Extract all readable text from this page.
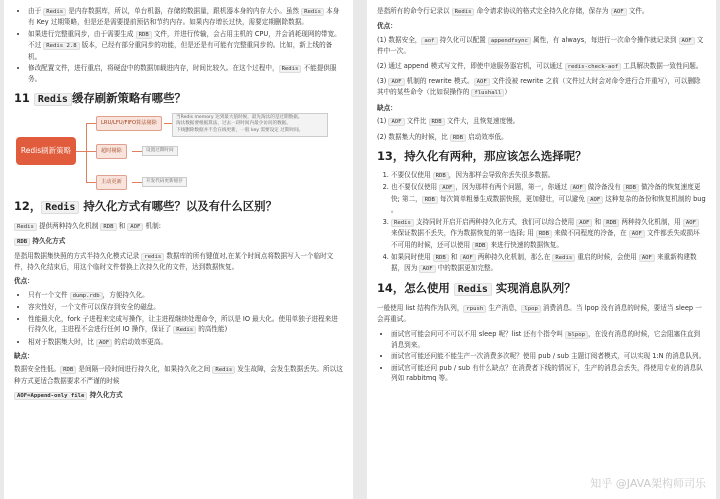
• 由于 Redis 是内存数据库，所以，单台机器，存储的数据量，跟机器本身的内存大小。虽然 Redis 本身有 Key 过期策略，但是还是需要提前预估和节约内存。如果内存增长过快，需要定期删除数据。
• 如果进行完整重同步，由于需要生成 RDB 文件，并进行传输，会占用主机的 CPU，并会消耗现网的带宽。不过 Redis 2.8 版本，已经有部分重同步的功能，但是还是有可能有完整重同步的。比如，新上线的备机。
• 修改配置文件，进行重启，将硬盘中的数据加载进内存，时间比较久。在这个过程中， Redis 不能提供服务。
11 Redis 缓存刷新策略有哪些？
Redis刷新策略
LRU/LFU/FIFO算法剔除
超时剔除
主动更新
当Redis memory 达到最大值时候，最先淘汰的是过期数据。
淘汰数据要根据算法，过去一段时间内最少访问的数据。
下线删除数据并不会在线更新，一般 key 需要设定 过期时间。
设置过期时间
开发代码更新缓存
12， Redis 持久化方式有哪些？以及有什么区别？

Redis 提供两种持久化机制 RDB 和 AOF 机制:

RDB 持久化方式

是指用数据集快照的方式半持久化模式记录 redis 数据库的所有键值对,在某个时间点将数据写入一个临时文件，持久化结束后，用这个临时文件替换上次持久化的文件，达到数据恢复。

优点：

• 只有一个文件 dump.rdb ，方便持久化。
• 容灾性好，一个文件可以保存到安全的磁盘。
• 性能最大化，fork 子进程来完成写操作，让主进程继续处理命令，所以是 IO 最大化。使用单独子进程来进行持久化，主进程不会进行任何 IO 操作，保证了 Redis 的高性能)
• 相对于数据集大时，比 AOF 的启动效率更高。

缺点：

数据安全性低。 RDB 是间隔一段时间进行持久化，如果持久化之间 Redis 发生故障，会发生数据丢失。所以这种方式更适合数据要求不严谨的时候

AOF=Append-only file 持久化方式

是指所有的命令行记录以 Redis 命令请求协议的格式完全持久化存储，保存为 AOF 文件。

优点：

(1) 数据安全， aof 持久化可以配置 appendfsync 属性，有 always，每进行一次命令操作就记录到 AOF 文件中一次。

(2) 通过 append 模式写文件，即使中途服务器宕机，可以通过 redis-check-aof 工具解决数据一致性问题。

(3) AOF 机制的 rewrite 模式。 AOF 文件没被 rewrite 之前（文件过大时会对命令进行合并重写），可以删除其中的某些命令（比如误操作的 flushall ）

缺点：

(1) AOF 文件比 RDB 文件大，且恢复速度慢。

(2) 数据集大的时候，比 RDB 启动效率低。

13，持久化有两种，那应该怎么选择呢？
1. 不要仅仅使用 RDB ，因为那样会导致你丢失很多数据。
2. 也不要仅仅使用 AOF ，因为那样有两个问题，第一，你通过 AOF 做冷备没有 RDB 做冷备的恢复速度更快; 第二， RDB 每次简单粗暴生成数据快照，更加健壮，可以避免 AOF 这种复杂的备份和恢复机制的 bug 。
3. Redis 支持同时开启开启两种持久化方式，我们可以综合使用 AOF 和 RDB 两种持久化机制，用 AOF 来保证数据不丢失，作为数据恢复的第一选择; 用 RDB 来做不同程度的冷备，在 AOF 文件都丢失或损坏不可用的时候，还可以使用 RDB 来进行快速的数据恢复。
4. 如果同时使用 RDB 和 AOF 两种持久化机制，那么在 Redis 重启的时候，会使用 AOF 来重新构建数据，因为 AOF 中的数据更加完整。
14，怎么使用 Redis 实现消息队列？

一般使用 list 结构作为队列， rpush 生产消息， lpop 消费消息。当 lpop 没有消息的时候，要适当 sleep 一会再重试。

• 面试官可能会问可不可以不用 sleep 呢？list 还有个指令叫 blpop ，在没有消息的时候，它会阻塞住直到消息到来。
• 面试官可能还问能不能生产一次消费多次呢？使用 pub / sub 主题订阅者模式，可以实现 1:N 的消息队列。
• 面试官可能还问 pub / sub 有什么缺点？在消费者下线的情况下，生产的消息会丢失，得使用专业的消息队列如 rabbitmq 等。
知乎 @JAVA架构师司乐
